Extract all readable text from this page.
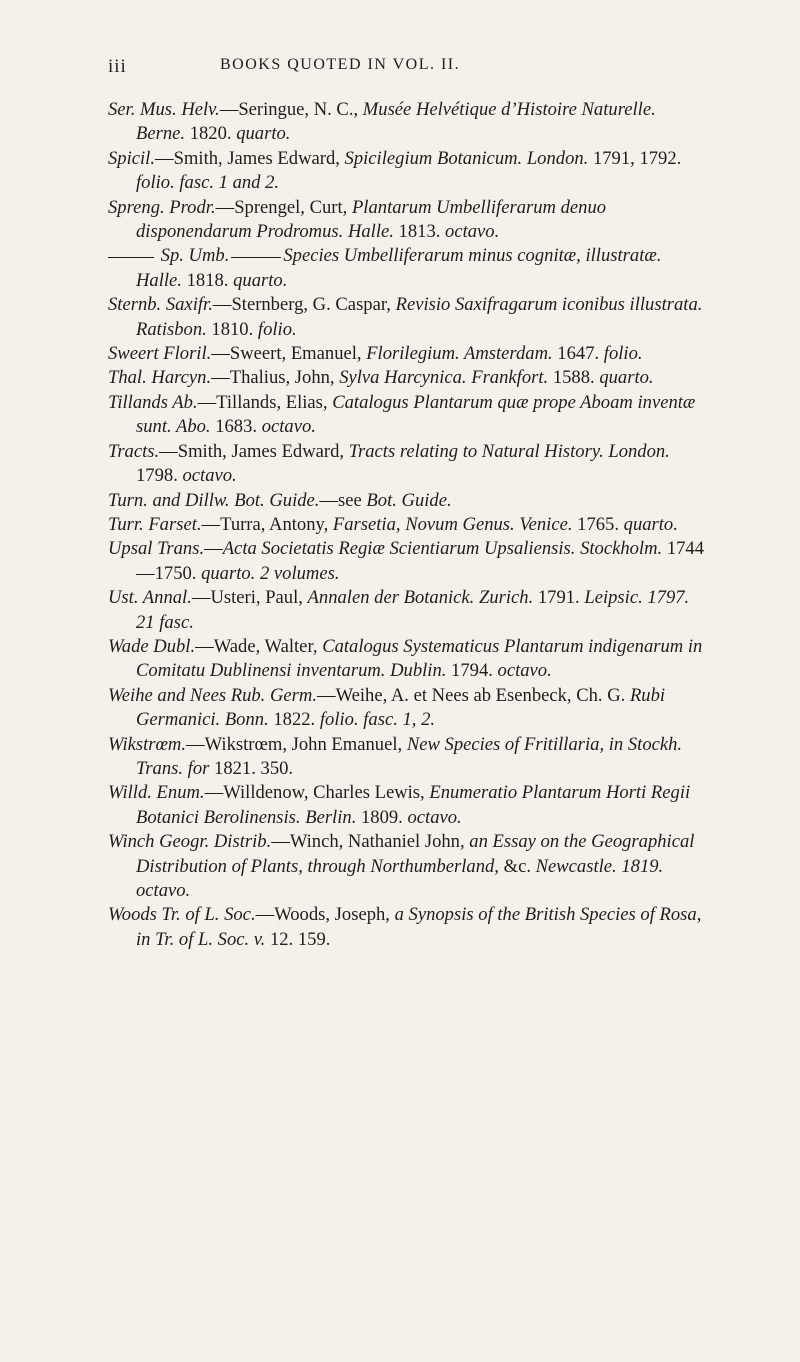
iii	BOOKS QUOTED IN VOL. II.

Ser. Mus. Helv.—Seringue, N. C., Musée Helvétique d’Histoire Naturelle. Berne. 1820. quarto.

Spicil.—Smith, James Edward, Spicilegium Botanicum. London. 1791, 1792. folio. fasc. 1 and 2.

Spreng. Prodr.—Sprengel, Curt, Plantarum Umbelliferarum denuo disponendarum Prodromus. Halle. 1813. octavo.

Sp. Umb.	Species Umbelliferarum minus cognitæ, illustratæ. Halle. 1818. quarto.

Sternb. Saxifr.—Sternberg, G. Caspar, Revisio Saxifragarum iconibus illustrata. Ratisbon. 1810. folio.

Sweert Floril.—Sweert, Emanuel, Florilegium. Amsterdam. 1647. folio.

Thal. Harcyn.—Thalius, John, Sylva Harcynica. Frankfort. 1588. quarto.

Tillands Ab.—Tillands, Elias, Catalogus Plantarum quæ prope Aboam inventæ sunt. Abo. 1683. octavo.

Tracts.—Smith, James Edward, Tracts relating to Natural History. London. 1798. octavo.

Turn. and Dillw. Bot. Guide.—see Bot. Guide.

Turr. Farset.—Turra, Antony, Farsetia, Novum Genus. Venice. 1765. quarto.

Upsal Trans.—Acta Societatis Regiæ Scientiarum Upsaliensis. Stockholm. 1744—1750. quarto. 2 volumes.

Ust. Annal.—Usteri, Paul, Annalen der Botanick. Zurich. 1791. Leipsic. 1797. 21 fasc.

Wade Dubl.—Wade, Walter, Catalogus Systematicus Plantarum indigenarum in Comitatu Dublinensi inventarum. Dublin. 1794. octavo.

Weihe and Nees Rub. Germ.—Weihe, A. et Nees ab Esenbeck, Ch. G. Rubi Germanici. Bonn. 1822. folio. fasc. 1, 2.

Wikstrœm.—Wikstrœm, John Emanuel, New Species of Fritillaria, in Stockh. Trans. for 1821. 350.

Willd. Enum.—Willdenow, Charles Lewis, Enumeratio Plantarum Horti Regii Botanici Berolinensis. Berlin. 1809. octavo.

Winch Geogr. Distrib.—Winch, Nathaniel John, an Essay on the Geographical Distribution of Plants, through Northumberland, &c. Newcastle. 1819. octavo.

Woods Tr. of L. Soc.—Woods, Joseph, a Synopsis of the British Species of Rosa, in Tr. of L. Soc. v. 12. 159.
